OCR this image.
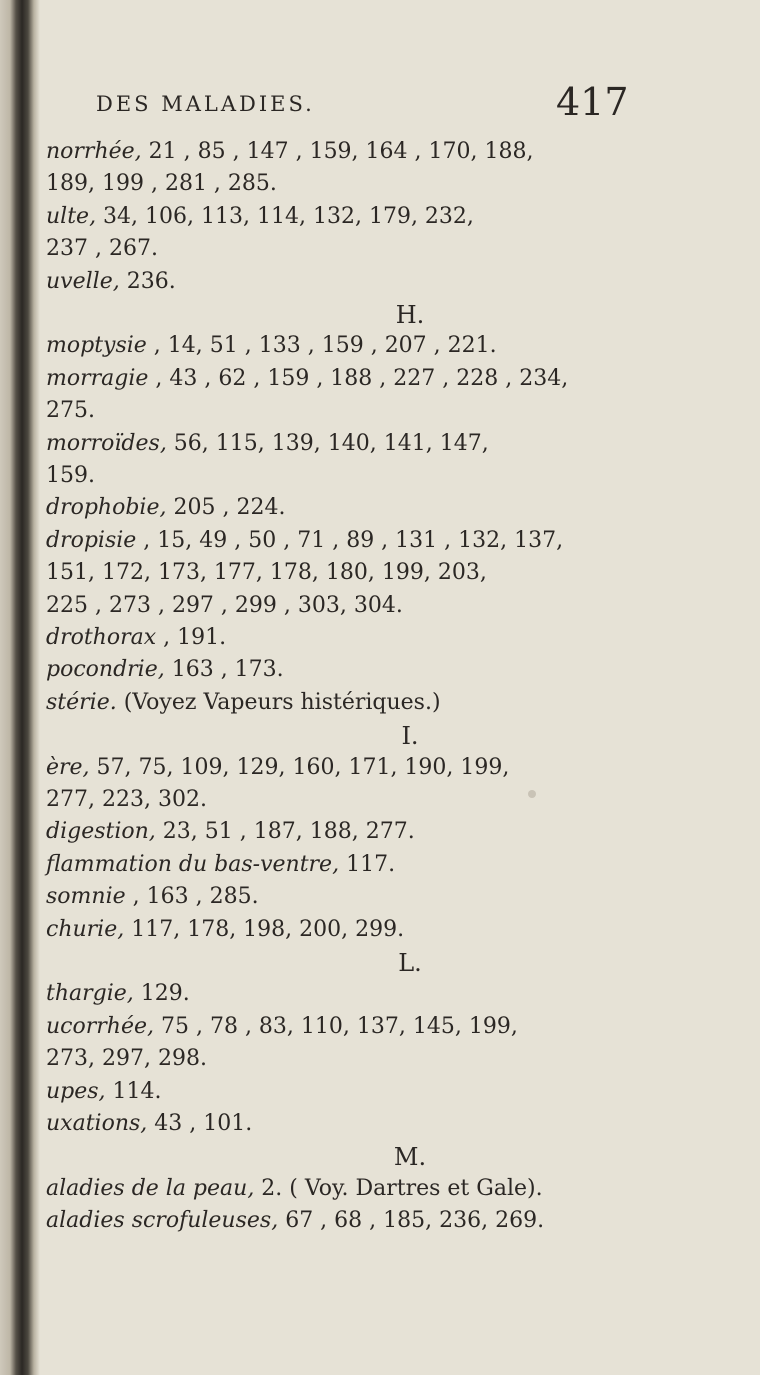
DES MALADIES.	417
norrhée, 21 , 85 , 147 , 159, 164 , 170, 188,
189, 199 , 281 , 285.
ulte, 34, 106, 113, 114, 132, 179, 232,
237 , 267.
uvelle, 236.
moptysie , 14, 51 , 133 , 159 , 207 , 221.
morragie , 43 , 62 , 159 , 188 , 227 , 228 , 234,
275.
morroïdes, 56, 115, 139, 140, 141, 147,
159.
drophobie, 205 , 224.
dropisie , 15, 49 , 50 , 71 , 89 , 131 , 132, 137,
151, 172, 173, 177, 178, 180, 199, 203,
225 , 273 , 297 , 299 , 303, 304.
drothorax , 191.
pocondrie, 163 , 173.
stérie. (Voyez Vapeurs histériques.)
ère, 57, 75, 109, 129, 160, 171, 190, 199,
277, 223, 302.
digestion, 23, 51 , 187, 188, 277.
flammation du bas-ventre, 117.
somnie , 163 , 285.
churie, 117, 178, 198, 200, 299.
thargie, 129.
ucorrhée, 75 , 78 , 83, 110, 137, 145, 199,
273, 297, 298.
upes, 114.
uxations, 43 , 101.
aladies de la peau, 2. ( Voy. Dartres et Gale).
aladies scrofuleuses, 67 , 68 , 185, 236, 269.
H.
I.
L.
M.
